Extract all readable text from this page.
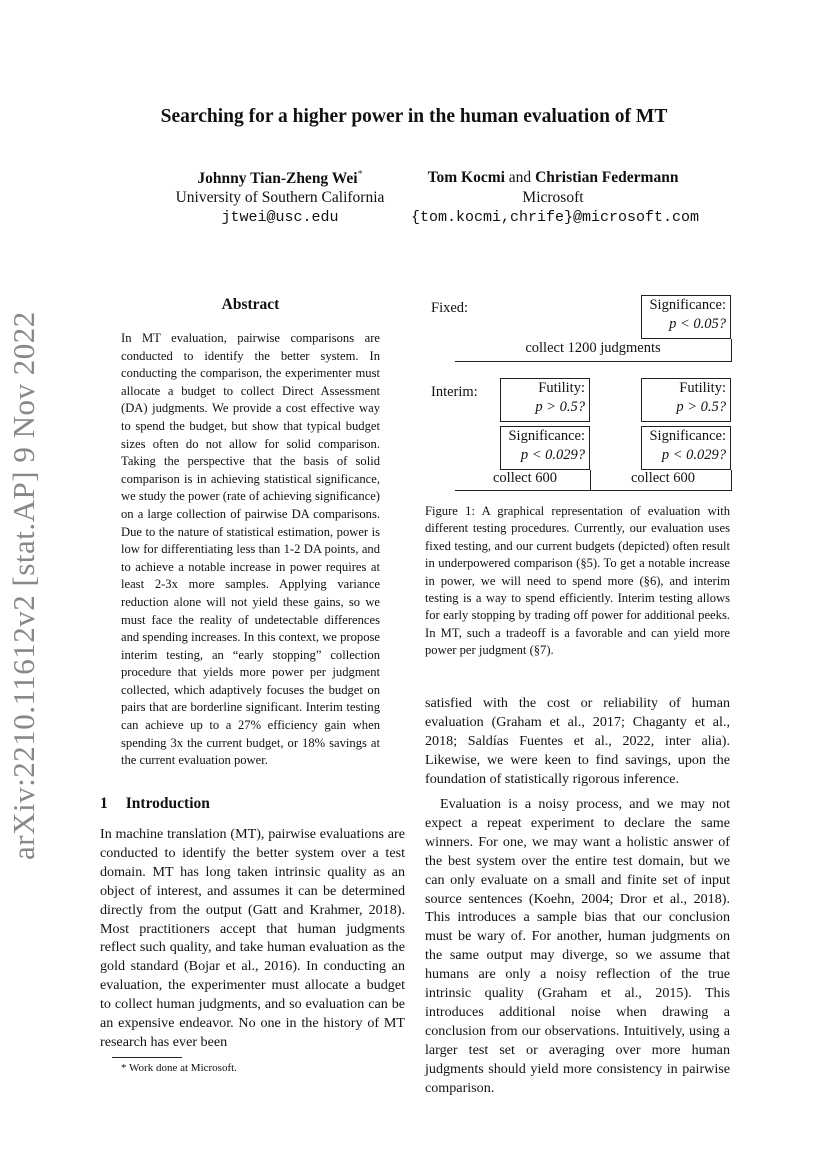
arXiv:2210.11612v2 [stat.AP] 9 Nov 2022
Searching for a higher power in the human evaluation of MT
Johnny Tian-Zheng Wei*
University of Southern California
jtwei@usc.edu
Tom Kocmi and Christian Federmann
Microsoft
{tom.kocmi,chrife}@microsoft.com
Abstract
In MT evaluation, pairwise comparisons are conducted to identify the better system. In conducting the comparison, the experimenter must allocate a budget to collect Direct Assessment (DA) judgments. We provide a cost effective way to spend the budget, but show that typical budget sizes often do not allow for solid comparison. Taking the perspective that the basis of solid comparison is in achieving statistical significance, we study the power (rate of achieving significance) on a large collection of pairwise DA comparisons. Due to the nature of statistical estimation, power is low for differentiating less than 1-2 DA points, and to achieve a notable increase in power requires at least 2-3x more samples. Applying variance reduction alone will not yield these gains, so we must face the reality of undetectable differences and spending increases. In this context, we propose interim testing, an “early stopping” collection procedure that yields more power per judgment collected, which adaptively focuses the budget on pairs that are borderline significant. Interim testing can achieve up to a 27% efficiency gain when spending 3x the current budget, or 18% savings at the current evaluation power.
Fixed:	Significance:
p < 0.05?
collect 1200 judgments
Interim:	Futility:
p > 0.5?
Futility:
p > 0.5?
Significance:
p < 0.029?
Significance:
p < 0.029?
collect 600	collect 600
Figure 1: A graphical representation of evaluation with different testing procedures. Currently, our evaluation uses fixed testing, and our current budgets (depicted) often result in underpowered comparison (§5). To get a notable increase in power, we will need to spend more (§6), and interim testing is a way to spend efficiently. Interim testing allows for early stopping by trading off power for additional peeks. In MT, such a tradeoff is a favorable and can yield more power per judgment (§7).
1 Introduction
In machine translation (MT), pairwise evaluations are conducted to identify the better system over a test domain. MT has long taken intrinsic quality as an object of interest, and assumes it can be determined directly from the output (Gatt and Krahmer, 2018). Most practitioners accept that human judgments reflect such quality, and take human evaluation as the gold standard (Bojar et al., 2016). In conducting an evaluation, the experimenter must allocate a budget to collect human judgments, and so evaluation can be an expensive endeavor. No one in the history of MT research has ever been
* Work done at Microsoft.
satisfied with the cost or reliability of human evaluation (Graham et al., 2017; Chaganty et al., 2018; Saldías Fuentes et al., 2022, inter alia). Likewise, we were keen to find savings, upon the foundation of statistically rigorous inference.
Evaluation is a noisy process, and we may not expect a repeat experiment to declare the same winners. For one, we may want a holistic answer of the best system over the entire test domain, but we can only evaluate on a small and finite set of input source sentences (Koehn, 2004; Dror et al., 2018). This introduces a sample bias that our conclusion must be wary of. For another, human judgments on the same output may diverge, so we assume that humans are only a noisy reflection of the true intrinsic quality (Graham et al., 2015). This introduces additional noise when drawing a conclusion from our observations. Intuitively, using a larger test set or averaging over more human judgments should yield more consistency in pairwise comparison.
